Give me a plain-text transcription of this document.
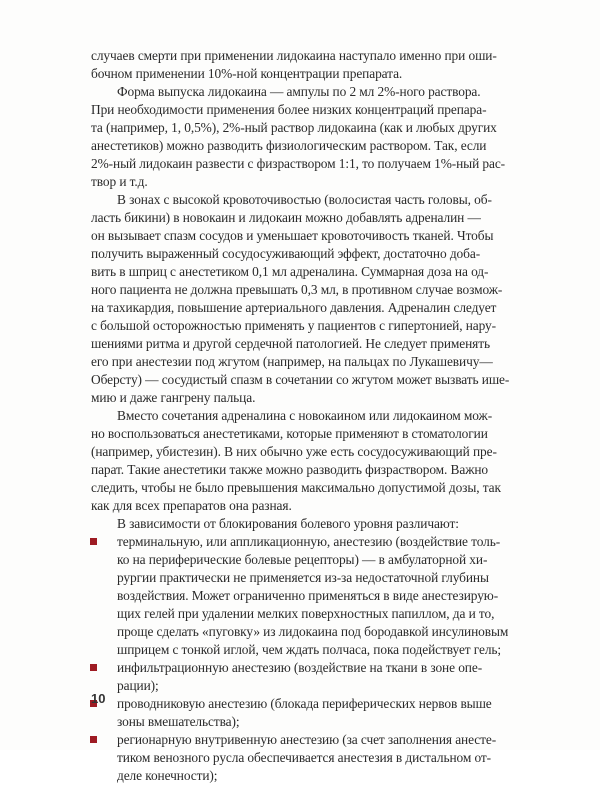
случаев смерти при применении лидокаина наступало именно при оши-
бочном применении 10%-ной концентрации препарата.

Форма выпуска лидокаина — ампулы по 2 мл 2%-ного раствора.
При необходимости применения более низких концентраций препара-
та (например, 1, 0,5%), 2%-ный раствор лидокаина (как и любых других
анестетиков) можно разводить физиологическим раствором. Так, если
2%-ный лидокаин развести с физраствором 1:1, то получаем 1%-ный рас-
твор и т.д.

В зонах с высокой кровоточивостью (волосистая часть головы, об-
ласть бикини) в новокаин и лидокаин можно добавлять адреналин —
он вызывает спазм сосудов и уменьшает кровоточивость тканей. Чтобы
получить выраженный сосудосуживающий эффект, достаточно доба-
вить в шприц с анестетиком 0,1 мл адреналина. Суммарная доза на од-
ного пациента не должна превышать 0,3 мл, в противном случае возмож-
на тахикардия, повышение артериального давления. Адреналин следует
с большой осторожностью применять у пациентов с гипертонией, нару-
шениями ритма и другой сердечной патологией. Не следует применять
его при анестезии под жгутом (например, на пальцах по Лукашевичу—
Оберсту) — сосудистый спазм в сочетании со жгутом может вызвать ише-
мию и даже гангрену пальца.

Вместо сочетания адреналина с новокаином или лидокаином мож-
но воспользоваться анестетиками, которые применяют в стоматологии
(например, убистезин). В них обычно уже есть сосудосуживающий пре-
парат. Такие анестетики также можно разводить физраствором. Важно
следить, чтобы не было превышения максимально допустимой дозы, так
как для всех препаратов она разная.

В зависимости от блокирования болевого уровня различают:

терминальную, или аппликационную, анестезию (воздействие толь-
ко на периферические болевые рецепторы) — в амбулаторной хи-
рургии практически не применяется из-за недостаточной глубины
воздействия. Может ограниченно применяться в виде анестезирую-
щих гелей при удалении мелких поверхностных папиллом, да и то,
проще сделать «пуговку» из лидокаина под бородавкой инсулиновым
шприцем с тонкой иглой, чем ждать полчаса, пока подействует гель;
инфильтрационную анестезию (воздействие на ткани в зоне опе-
рации);
проводниковую анестезию (блокада периферических нервов выше
зоны вмешательства);
регионарную внутривенную анестезию (за счет заполнения анесте-
тиком венозного русла обеспечивается анестезия в дистальном от-
деле конечности);
10
